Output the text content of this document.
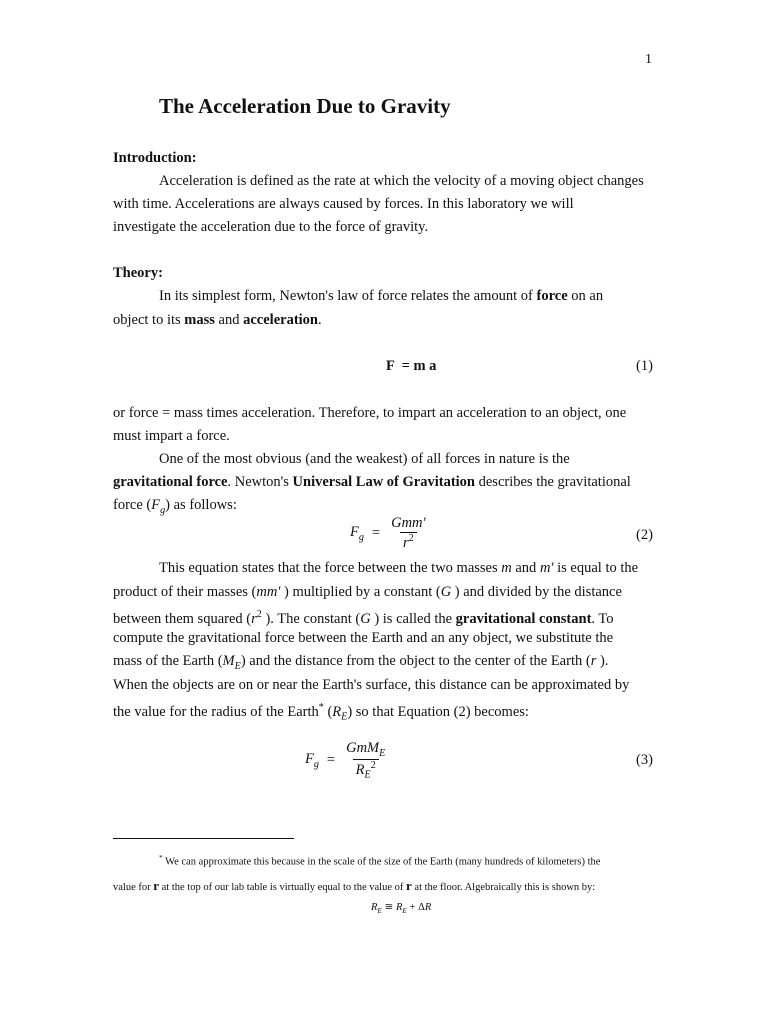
1
The Acceleration Due to Gravity
Introduction:
Acceleration is defined as the rate at which the velocity of a moving object changes
with time. Accelerations are always caused by forces. In this laboratory we will
investigate the acceleration due to the force of gravity.
Theory:
In its simplest form, Newton's law of force relates the amount of force on an
object to its mass and acceleration.
F  = m a	(1)
or force = mass times acceleration. Therefore, to impart an acceleration to an object, one
must impart a force.
One of the most obvious (and the weakest) of all forces in nature is the
gravitational force. Newton's Universal Law of Gravitation describes the gravitational
force $(F_g)$ as follows:
$F_g = \frac{\text{Gmm'}}{r^2}$	(2)
This equation states that the force between the two masses m and m' is equal to the
product of their masses (mm' ) multiplied by a constant (G ) and divided by the distance
between them squared ($r^2$ ). The constant (G ) is called the gravitational constant. To
compute the gravitational force between the Earth and an any object, we substitute the
mass of the Earth $(M_E)$ and the distance from the object to the center of the Earth (r ).
When the objects are on or near the Earth's surface, this distance can be approximated by
the value for the radius of the Earth* $(R_E)$ so that Equation (2) becomes:
$F_g = \frac{GmM_E}{R_E^2}$	(3)
* We can approximate this because in the scale of the size of the Earth (many hundreds of kilometers) the
value for r at the top of our lab table is virtually equal to the value of r at the floor. Algebraically this is shown by:
$R_E$ ≅ $R_E + \Delta R$
